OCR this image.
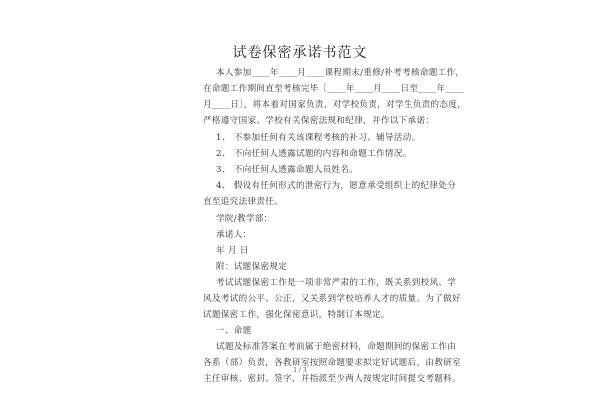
试卷保密承诺书范文
本人参加____年____月____课程期末/重修/补考考核命题工作，
在命题工作期间直至考核完毕［____年____月____日至____年____
月____日］，将本着对国家负责，对学校负责，对学生负责的态度，
严格遵守国家、学校有关保密法规和纪律，并作以下承诺：
1、 不参加任何有关该课程考核的补习、辅导活动。
2、 不向任何人透露试题的内容和命题工作情况。
3、 不向任何人透露命题人员姓名。
4、 假设有任何形式的泄密行为，愿意承受组织上的纪律处分
直至追究法律责任。
学院/教学部：
承诺人：
年 月 日
附：试题保密规定
考试试题保密工作是一项非常严肃的工作，既关系到校风、学
风及考试的公平、公正，又关系到学校培养人才的质量。为了做好
试题保密工作，强化保密意识，特制订本规定。
一、命题
试题及标准答案在考前属于绝密材料，命题期间的保密工作由
各系（部）负责，各教研室按照命题要求拟定好试题后，由教研室
主任审核、密封、签字，并指派至少两人按规定时间提交考题科。
1 / 3
